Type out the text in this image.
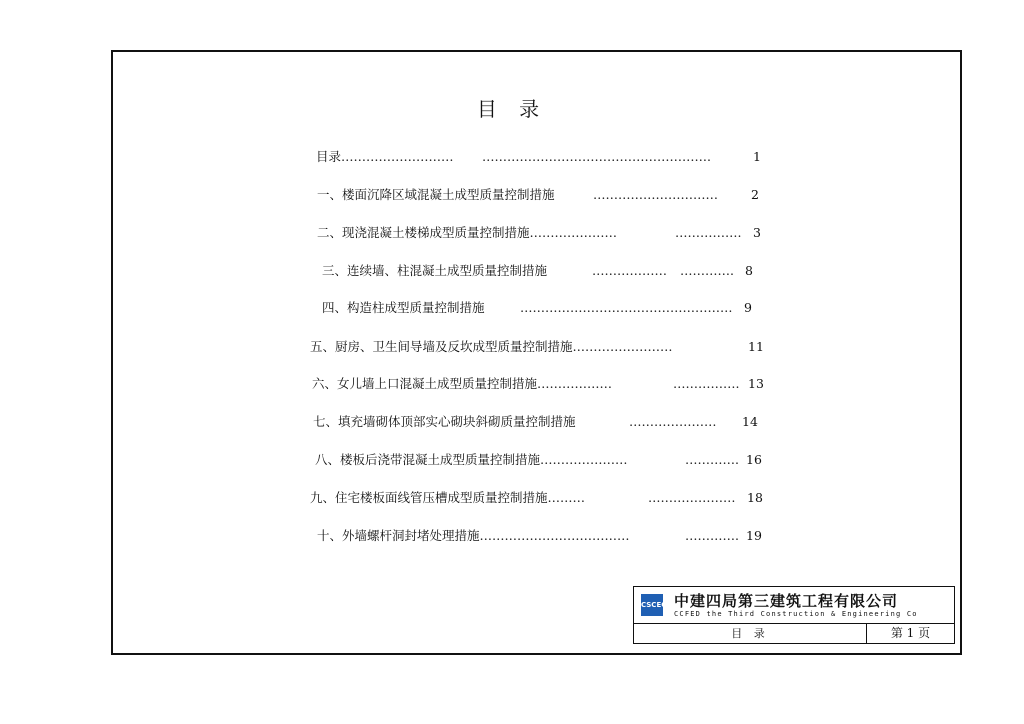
目 录
目录……………………… ……………………………………………….	1
一、楼面沉降区域混凝土成型质量控制措施	…………………………	2
二、现浇混凝土楼梯成型质量控制措施…………………	……………. 3
三、连续墙、柱混凝土成型质量控制措施	……………… …………. 8
四、构造柱成型质量控制措施	…………………………………………… 9
五、厨房、卫生间导墙及反坎成型质量控制措施……………………	11
六、女儿墙上口混凝土成型质量控制措施………………	……………. 13
七、填充墙砌体顶部实心砌块斜砌质量控制措施	………………… 14
八、楼板后浇带混凝土成型质量控制措施…………………	…………. 16
九、住宅楼板面线管压槽成型质量控制措施………	………………… 18
十、外墙螺杆洞封堵处理措施………………………………	…………. 19
CSCEC 中建四局第三建筑工程有限公司
CCFED the Third Construction & Engineering Co
目 录	第 1 页
